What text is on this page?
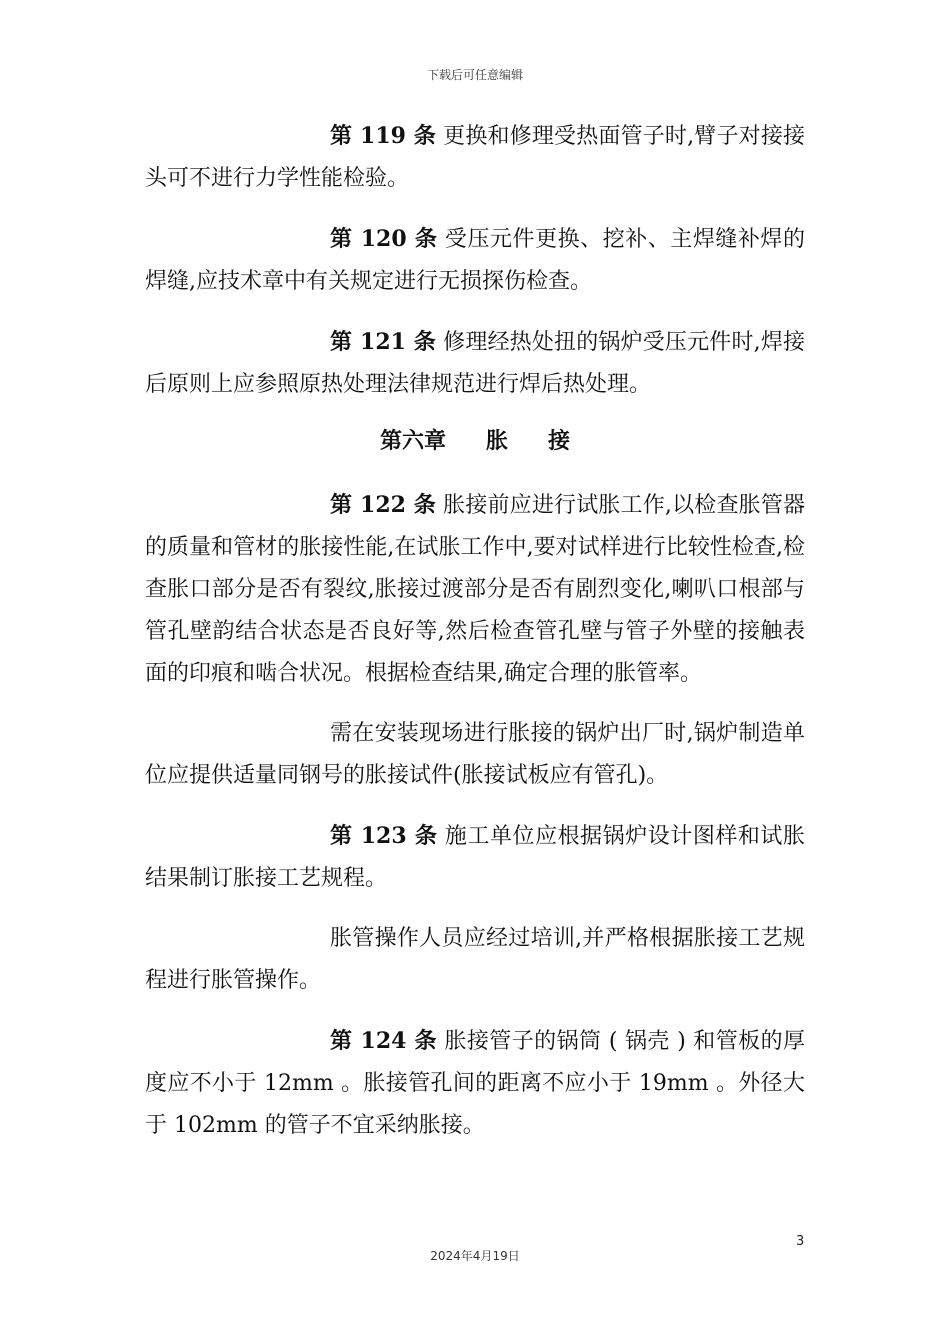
下载后可任意编辑

第 119 条 更换和修理受热面管子时,臂子对接接头可不进行力学性能检验。

第 120 条 受压元件更换、挖补、主焊缝补焊的焊缝,应技术章中有关规定进行无损探伤检查。

第 121 条 修理经热处扭的锅炉受压元件时,焊接后原则上应参照原热处理法律规范进行焊后热处理。

第六章 胀 接

第 122 条 胀接前应进行试胀工作,以检查胀管器的质量和管材的胀接性能,在试胀工作中,要对试样进行比较性检查,检查胀口部分是否有裂纹,胀接过渡部分是否有剧烈变化,喇叭口根部与管孔壁韵结合状态是否良好等,然后检查管孔壁与管子外壁的接触表面的印痕和啮合状况。根据检查结果,确定合理的胀管率。

需在安装现场进行胀接的锅炉出厂时,锅炉制造单位应提供适量同钢号的胀接试件(胀接试板应有管孔)。

第 123 条 施工单位应根据锅炉设计图样和试胀结果制订胀接工艺规程。

胀管操作人员应经过培训,并严格根据胀接工艺规程进行胀管操作。

第 124 条 胀接管子的锅筒 ( 锅壳 ) 和管板的厚度应不小于 12mm 。胀接管孔间的距离不应小于 19mm 。外径大于 102mm 的管子不宜采纳胀接。

3
2024年4月19日
